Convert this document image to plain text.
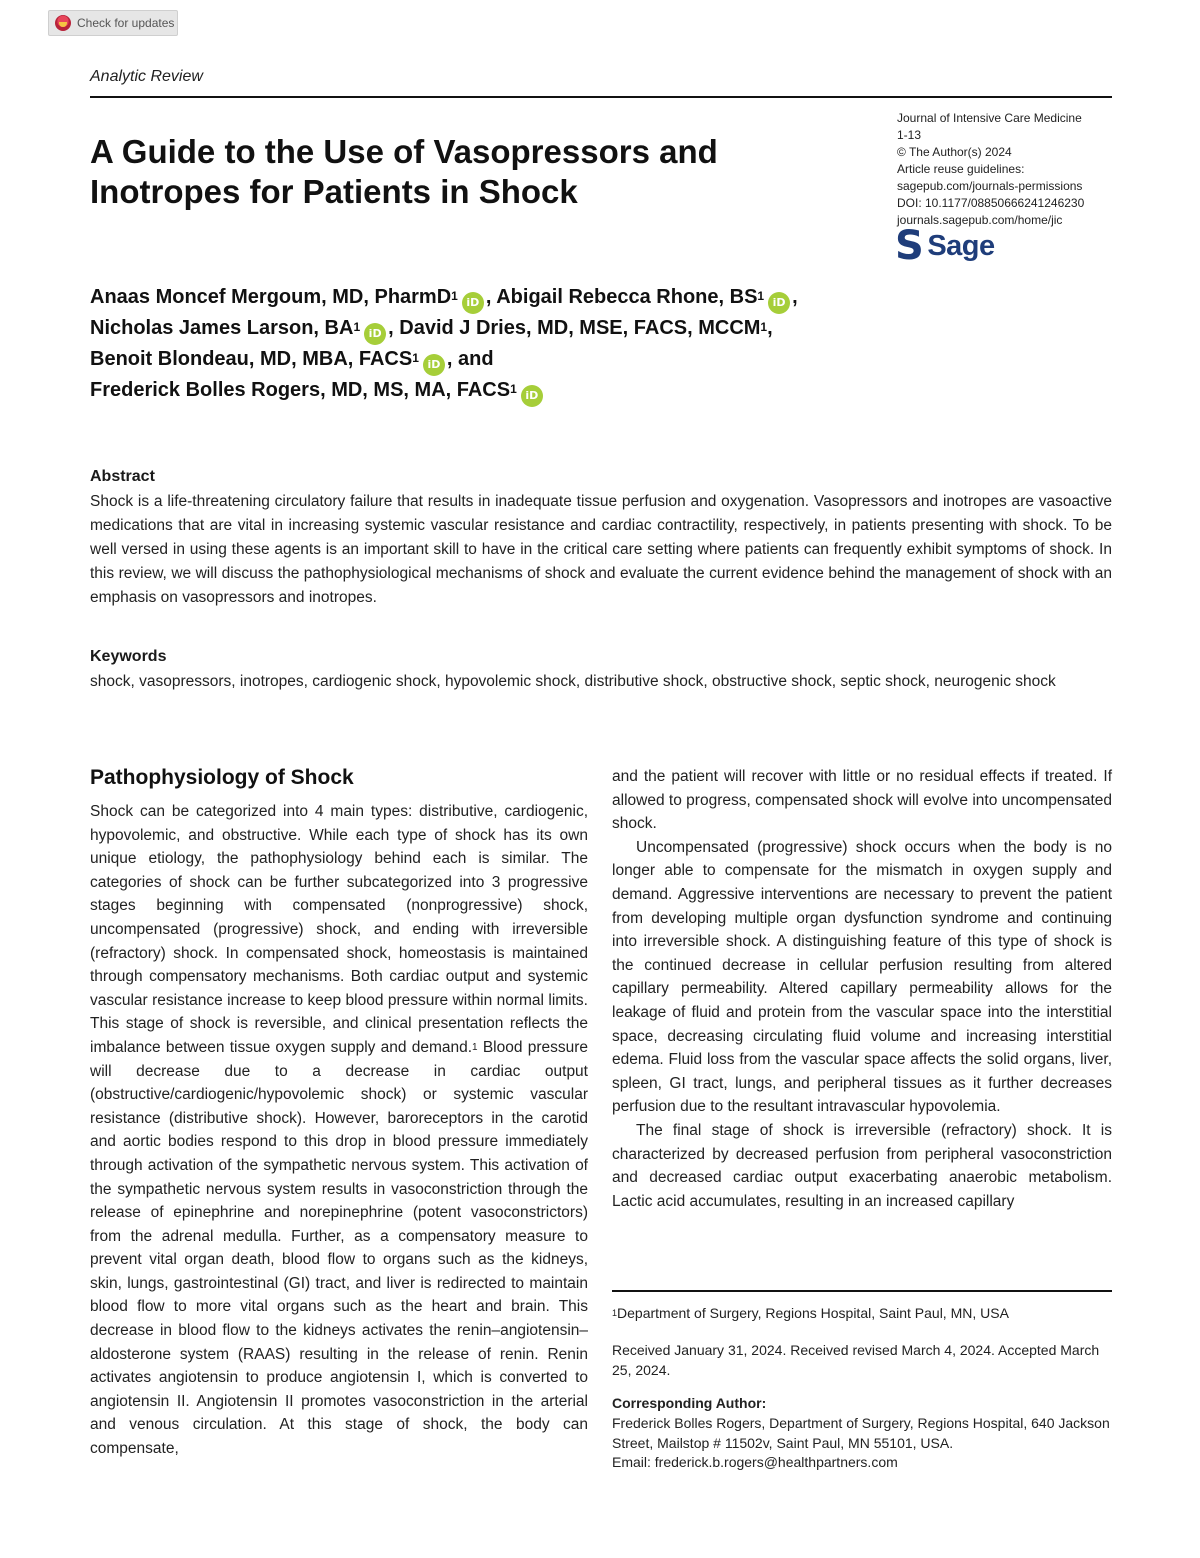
Check for updates
Analytic Review
Journal of Intensive Care Medicine
1-13
© The Author(s) 2024
Article reuse guidelines:
sagepub.com/journals-permissions
DOI: 10.1177/08850666241246230
journals.sagepub.com/home/jic
S Sage
A Guide to the Use of Vasopressors and Inotropes for Patients in Shock
Anaas Moncef Mergoum, MD, PharmD$^1$ iD , Abigail Rebecca Rhone, $BS^1$ iD ,
Nicholas James Larson, $BA^1$ iD , David J Dries, MD, MSE, FACS, MCCM$^1$,
Benoit Blondeau, MD, MBA, FACS$^1$ iD , and
Frederick Bolles Rogers, MD, MS, MA, FACS$^1$ iD
Abstract

Shock is a life-threatening circulatory failure that results in inadequate tissue perfusion and oxygenation. Vasopressors and inotropes are vasoactive medications that are vital in increasing systemic vascular resistance and cardiac contractility, respectively, in patients presenting with shock. To be well versed in using these agents is an important skill to have in the critical care setting where patients can frequently exhibit symptoms of shock. In this review, we will discuss the pathophysiological mechanisms of shock and evaluate the current evidence behind the management of shock with an emphasis on vasopressors and inotropes.

Keywords

shock, vasopressors, inotropes, cardiogenic shock, hypovolemic shock, distributive shock, obstructive shock, septic shock, neurogenic shock

Pathophysiology of Shock
Shock can be categorized into 4 main types: distributive, cardiogenic, hypovolemic, and obstructive. While each type of shock has its own unique etiology, the pathophysiology behind each is similar. The categories of shock can be further subcategorized into 3 progressive stages beginning with compensated (nonprogressive) shock, uncompensated (progressive) shock, and ending with irreversible (refractory) shock. In compensated shock, homeostasis is maintained through compensatory mechanisms. Both cardiac output and systemic vascular resistance increase to keep blood pressure within normal limits. This stage of shock is reversible, and clinical presentation reflects the imbalance between tissue oxygen supply and demand.$^1$ Blood pressure will decrease due to a decrease in cardiac output (obstructive/cardiogenic/hypovolemic shock) or systemic vascular resistance (distributive shock). However, baroreceptors in the carotid and aortic bodies respond to this drop in blood pressure immediately through activation of the sympathetic nervous system. This activation of the sympathetic nervous system results in vasoconstriction through the release of epinephrine and norepinephrine (potent vasoconstrictors) from the adrenal medulla. Further, as a compensatory measure to prevent vital organ death, blood flow to organs such as the kidneys, skin, lungs, gastrointestinal (GI) tract, and liver is redirected to maintain blood flow to more vital organs such as the heart and brain. This decrease in blood flow to the kidneys activates the renin–angiotensin–aldosterone system (RAAS) resulting in the release of renin. Renin activates angiotensin to produce angiotensin I, which is converted to angiotensin II. Angiotensin II promotes vasoconstriction in the arterial and venous circulation. At this stage of shock, the body can compensate,

and the patient will recover with little or no residual effects if treated. If allowed to progress, compensated shock will evolve into uncompensated shock.

Uncompensated (progressive) shock occurs when the body is no longer able to compensate for the mismatch in oxygen supply and demand. Aggressive interventions are necessary to prevent the patient from developing multiple organ dysfunction syndrome and continuing into irreversible shock. A distinguishing feature of this type of shock is the continued decrease in cellular perfusion resulting from altered capillary permeability. Altered capillary permeability allows for the leakage of fluid and protein from the vascular space into the interstitial space, decreasing circulating fluid volume and increasing interstitial edema. Fluid loss from the vascular space affects the solid organs, liver, spleen, GI tract, lungs, and peripheral tissues as it further decreases perfusion due to the resultant intravascular hypovolemia.

The final stage of shock is irreversible (refractory) shock. It is characterized by decreased perfusion from peripheral vasoconstriction and decreased cardiac output exacerbating anaerobic metabolism. Lactic acid accumulates, resulting in an increased capillary

$^1$Department of Surgery, Regions Hospital, Saint Paul, MN, USA
Received January 31, 2024. Received revised March 4, 2024. Accepted March 25, 2024.
Corresponding Author:
Frederick Bolles Rogers, Department of Surgery, Regions Hospital, 640 Jackson Street, Mailstop # 11502v, Saint Paul, MN 55101, USA.
Email: frederick.b.rogers@healthpartners.com
